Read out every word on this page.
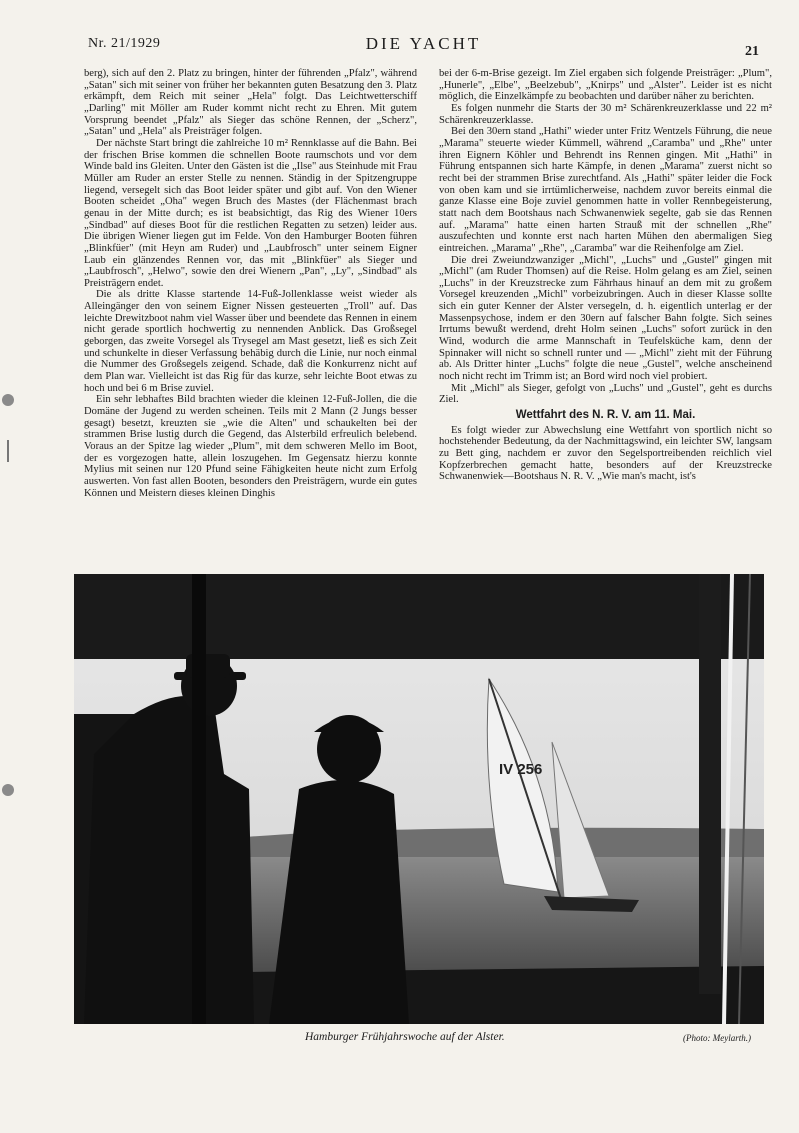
Nr. 21/1929	DIE YACHT	21

berg), sich auf den 2. Platz zu bringen, hinter der führenden „Pfalz", während „Satan" sich mit seiner von früher her bekannten guten Besatzung den 3. Platz erkämpft, dem Reich mit seiner „Hela" folgt. Das Leichtwetterschiff „Darling" mit Möller am Ruder kommt nicht recht zu Ehren. Mit gutem Vorsprung beendet „Pfalz" als Sieger das schöne Rennen, der „Scherz", „Satan" und „Hela" als Preisträger folgen.

Der nächste Start bringt die zahlreiche 10 m² Rennklasse auf die Bahn. Bei der frischen Brise kommen die schnellen Boote raumschots und vor dem Winde bald ins Gleiten. Unter den Gästen ist die „Ilse" aus Steinhude mit Frau Müller am Ruder an erster Stelle zu nennen. Ständig in der Spitzengruppe liegend, versegelt sich das Boot leider später und gibt auf. Von den Wiener Booten scheidet „Oha" wegen Bruch des Mastes (der Flächenmast brach genau in der Mitte durch; es ist beabsichtigt, das Rig des Wiener 10ers „Sindbad" auf dieses Boot für die restlichen Regatten zu setzen) leider aus. Die übrigen Wiener liegen gut im Felde. Von den Hamburger Booten führen „Blinkfüer" (mit Heyn am Ruder) und „Laubfrosch" unter seinem Eigner Laub ein glänzendes Rennen vor, das mit „Blinkfüer" als Sieger und „Laubfrosch", „Helwo", sowie den drei Wienern „Pan", „Ly", „Sindbad" als Preisträgern endet.

Die als dritte Klasse startende 14-Fuß-Jollenklasse weist wieder als Alleingänger den von seinem Eigner Nissen gesteuerten „Troll" auf. Das leichte Drewitzboot nahm viel Wasser über und beendete das Rennen in einem nicht gerade sportlich hochwertig zu nennenden Anblick. Das Großsegel geborgen, das zweite Vorsegel als Trysegel am Mast gesetzt, ließ es sich Zeit und schunkelte in dieser Verfassung behäbig durch die Linie, nur noch einmal die Nummer des Großsegels zeigend. Schade, daß die Konkurrenz nicht auf dem Plan war. Vielleicht ist das Rig für das kurze, sehr leichte Boot etwas zu hoch und bei 6 m Brise zuviel.

Ein sehr lebhaftes Bild brachten wieder die kleinen 12-Fuß-Jollen, die die Domäne der Jugend zu werden scheinen. Teils mit 2 Mann (2 Jungs besser gesagt) besetzt, kreuzten sie „wie die Alten" und schaukelten bei der strammen Brise lustig durch die Gegend, das Alsterbild erfreulich belebend. Voraus an der Spitze lag wieder „Plum", mit dem schweren Mello im Boot, der es vorgezogen hatte, allein loszugehen. Im Gegensatz hierzu konnte Mylius mit seinen nur 120 Pfund seine Fähigkeiten heute nicht zum Erfolg auswerten. Von fast allen Booten, besonders den Preisträgern, wurde ein gutes Können und Meistern dieses kleinen Dinghis

bei der 6-m-Brise gezeigt. Im Ziel ergaben sich folgende Preisträger: „Plum", „Hunerle", „Elbe", „Beelzebub", „Knirps" und „Alster". Leider ist es nicht möglich, die Einzelkämpfe zu beobachten und darüber näher zu berichten.

Es folgen nunmehr die Starts der 30 m² Schärenkreuzerklasse und 22 m² Schärenkreuzerklasse.

Bei den 30ern stand „Hathi" wieder unter Fritz Wentzels Führung, die neue „Marama" steuerte wieder Kümmell, während „Caramba" und „Rhe" unter ihren Eignern Köhler und Behrendt ins Rennen gingen. Mit „Hathi" in Führung entspannen sich harte Kämpfe, in denen „Marama" zuerst nicht so recht bei der strammen Brise zurechtfand. Als „Hathi" später leider die Fock von oben kam und sie irrtümlicherweise, nachdem zuvor bereits einmal die ganze Klasse eine Boje zuviel genommen hatte in voller Rennbegeisterung, statt nach dem Bootshaus nach Schwanenwiek segelte, gab sie das Rennen auf. „Marama" hatte einen harten Strauß mit der schnellen „Rhe" auszufechten und konnte erst nach harten Mühen den abermaligen Sieg eintreichen. „Marama" „Rhe", „Caramba" war die Reihenfolge am Ziel.

Die drei Zweiundzwanziger „Michl", „Luchs" und „Gustel" gingen mit „Michl" (am Ruder Thomsen) auf die Reise. Holm gelang es am Ziel, seinen „Luchs" in der Kreuzstrecke zum Fährhaus hinauf an dem mit zu großem Vorsegel kreuzenden „Michl" vorbeizubringen. Auch in dieser Klasse sollte sich ein guter Kenner der Alster versegeln, d. h. eigentlich unterlag er der Massenpsychose, indem er den 30ern auf falscher Bahn folgte. Sich seines Irrtums bewußt werdend, dreht Holm seinen „Luchs" sofort zurück in den Wind, wodurch die arme Mannschaft in Teufelsküche kam, denn der Spinnaker will nicht so schnell runter und — „Michl" zieht mit der Führung ab. Als Dritter hinter „Luchs" folgte die neue „Gustel", welche anscheinend noch nicht recht im Trimm ist; an Bord wird noch viel probiert.

Mit „Michl" als Sieger, gefolgt von „Luchs" und „Gustel", geht es durchs Ziel.

Wettfahrt des N. R. V. am 11. Mai.

Es folgt wieder zur Abwechslung eine Wettfahrt von sportlich nicht so hochstehender Bedeutung, da der Nachmittagswind, ein leichter SW, langsam zu Bett ging, nachdem er zuvor den Segelsportreibenden reichlich viel Kopfzerbrechen gemacht hatte, besonders auf der Kreuzstrecke Schwanenwiek—Bootshaus N. R. V. „Wie man's macht, ist's

IV 256
Hamburger Frühjahrswoche auf der Alster.	(Photo: Meylarth.)
